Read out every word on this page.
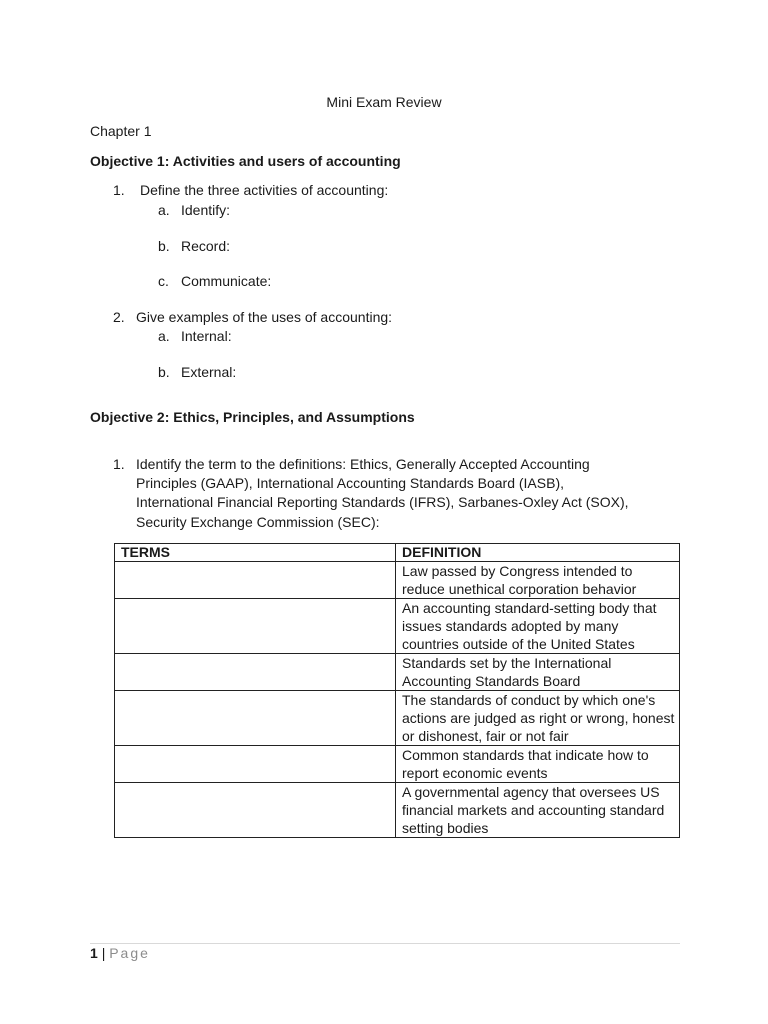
Mini Exam Review
Chapter 1
Objective 1: Activities and users of accounting
1. Define the three activities of accounting:
a. Identify:
b. Record:
c. Communicate:
2. Give examples of the uses of accounting:
a. Internal:
b. External:
Objective 2: Ethics, Principles, and Assumptions
1. Identify the term to the definitions: Ethics, Generally Accepted Accounting
Principles (GAAP), International Accounting Standards Board (IASB),
International Financial Reporting Standards (IFRS), Sarbanes-Oxley Act (SOX),
Security Exchange Commission (SEC):
TERMS	DEFINITION
	Law passed by Congress intended to reduce unethical corporation behavior
	An accounting standard-setting body that issues standards adopted by many countries outside of the United States
	Standards set by the International Accounting Standards Board
	The standards of conduct by which one's actions are judged as right or wrong, honest or dishonest, fair or not fair
	Common standards that indicate how to report economic events
	A governmental agency that oversees US financial markets and accounting standard setting bodies
1 | Page
